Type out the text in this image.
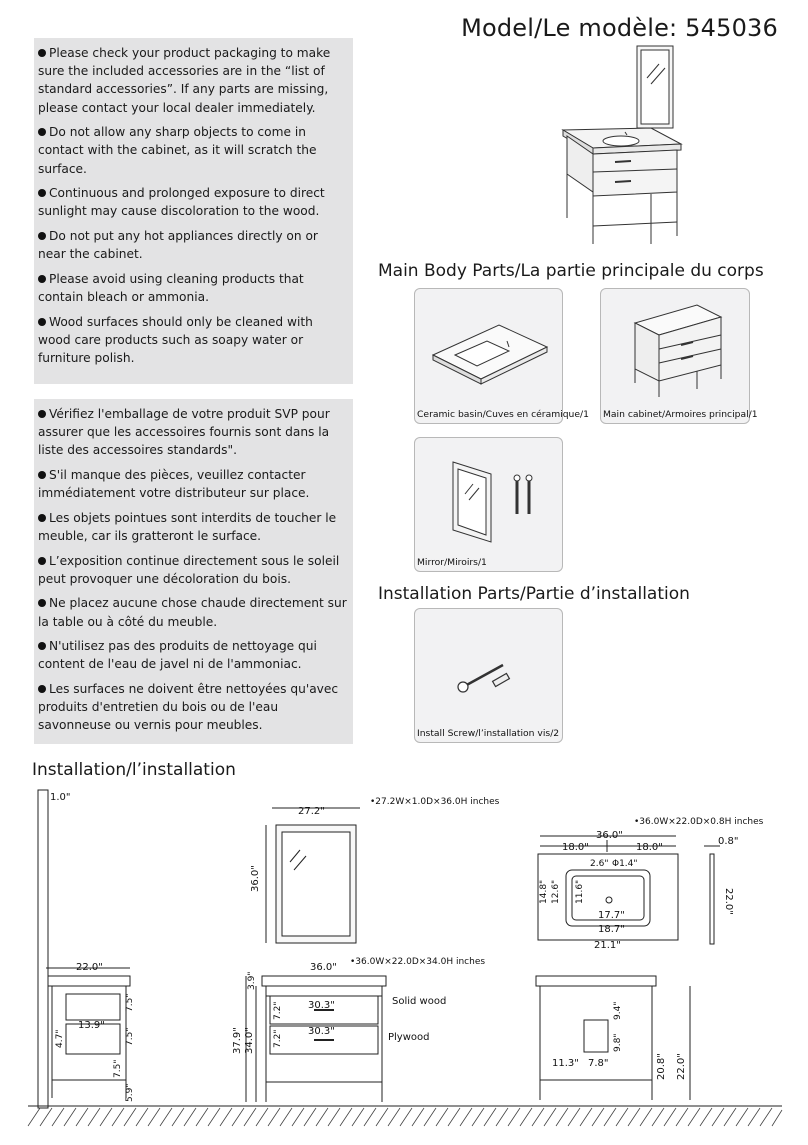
Model/Le modèle: 545036
Please check your product packaging to make sure the included accessories are in the “list of standard accessories”. If any parts are missing, please contact your local dealer immediately.
Do not allow any sharp objects to come in contact with the cabinet, as it will scratch the surface.
Continuous and prolonged exposure to direct sunlight may cause discoloration to the wood.
Do not put any hot appliances directly on or near the cabinet.
Please avoid using cleaning products that contain bleach or ammonia.
Wood surfaces should only be cleaned with wood care products such as soapy water or furniture polish.
Vérifiez l'emballage de votre produit SVP pour assurer que les accessoires fournis sont dans la liste des accessoires standards".
S'il manque des pièces, veuillez contacter immédiatement votre distributeur sur place.
Les objets pointues sont interdits de toucher le meuble, car ils gratteront le surface.
L’exposition continue directement sous le soleil peut provoquer une décoloration du bois.
Ne placez aucune chose chaude directement sur la table ou à côté du meuble.
N'utilisez pas des produits de nettoyage qui content de l'eau de javel ni de l'ammoniac.
Les surfaces ne doivent être nettoyées qu'avec produits d'entretien du bois ou de l'eau savonneuse ou vernis pour meubles.
Main Body Parts/La partie principale du corps
Ceramic basin/Cuves en céramique/1 Main cabinet/Armoires principal/1
Mirror/Miroirs/1
Installation Parts/Partie d’installation
Install Screw/l’installation vis/2
Installation/l’installation
1.0"
22.0"
13.9"
7.5"
7.5"
7.5"
4.7"
5.9"
27.2"
36.0"
•27.2W×1.0D×36.0H inches
•36.0W×22.0D×0.8H inches
36.0"
18.0"	18.0"
2.6" Φ1.4"
14.8" 12.6" 11.6"
17.7"
18.7"
21.1"
0.8"
22.0"
•36.0W×22.0D×34.0H inches
36.0"
30.3"
30.3"
3.9"
7.2"
7.2"
37.9" 34.0"
Solid wood
Plywood
9.4"
9.8"
11.3" 7.8"	20.8" 22.0"
